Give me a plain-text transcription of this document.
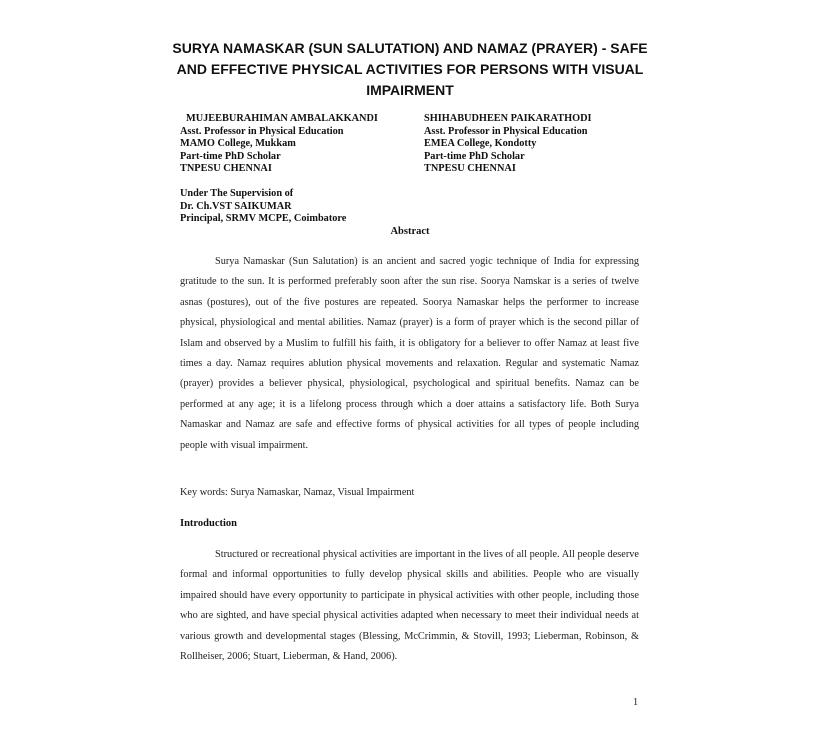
SURYA NAMASKAR (SUN SALUTATION) AND NAMAZ (PRAYER) - SAFE
AND EFFECTIVE PHYSICAL ACTIVITIES FOR PERSONS WITH VISUAL
IMPAIRMENT
MUJEEBURAHIMAN AMBALAKKANDI
Asst. Professor in Physical Education
MAMO College, Mukkam
Part-time PhD Scholar
TNPESU CHENNAI
SHIHABUDHEEN PAIKARATHODI
Asst. Professor in Physical Education
EMEA College, Kondotty
Part-time PhD Scholar
TNPESU CHENNAI
Under The Supervision of
Dr. Ch.VST SAIKUMAR
Principal, SRMV MCPE, Coimbatore
Abstract

Surya Namaskar (Sun Salutation) is an ancient and sacred yogic technique of India for expressing gratitude to the sun. It is performed preferably soon after the sun rise. Soorya Namskar is a series of twelve asnas (postures), out of the five postures are repeated. Soorya Namaskar helps the performer to increase physical, physiological and mental abilities. Namaz (prayer) is a form of prayer which is the second pillar of Islam and observed by a Muslim to fulfill his faith, it is obligatory for a believer to offer Namaz at least five times a day. Namaz requires ablution physical movements and relaxation. Regular and systematic Namaz (prayer) provides a believer physical, physiological, psychological and spiritual benefits. Namaz can be performed at any age; it is a lifelong process through which a doer attains a satisfactory life. Both Surya Namaskar and Namaz are safe and effective forms of physical activities for all types of people including people with visual impairment.

Key words: Surya Namaskar, Namaz, Visual Impairment
Introduction

Structured or recreational physical activities are important in the lives of all people. All people deserve formal and informal opportunities to fully develop physical skills and abilities. People who are visually impaired should have every opportunity to participate in physical activities with other people, including those who are sighted, and have special physical activities adapted when necessary to meet their individual needs at various growth and developmental stages (Blessing, McCrimmin, & Stovill, 1993; Lieberman, Robinson, & Rollheiser, 2006; Stuart, Lieberman, & Hand, 2006).

1
